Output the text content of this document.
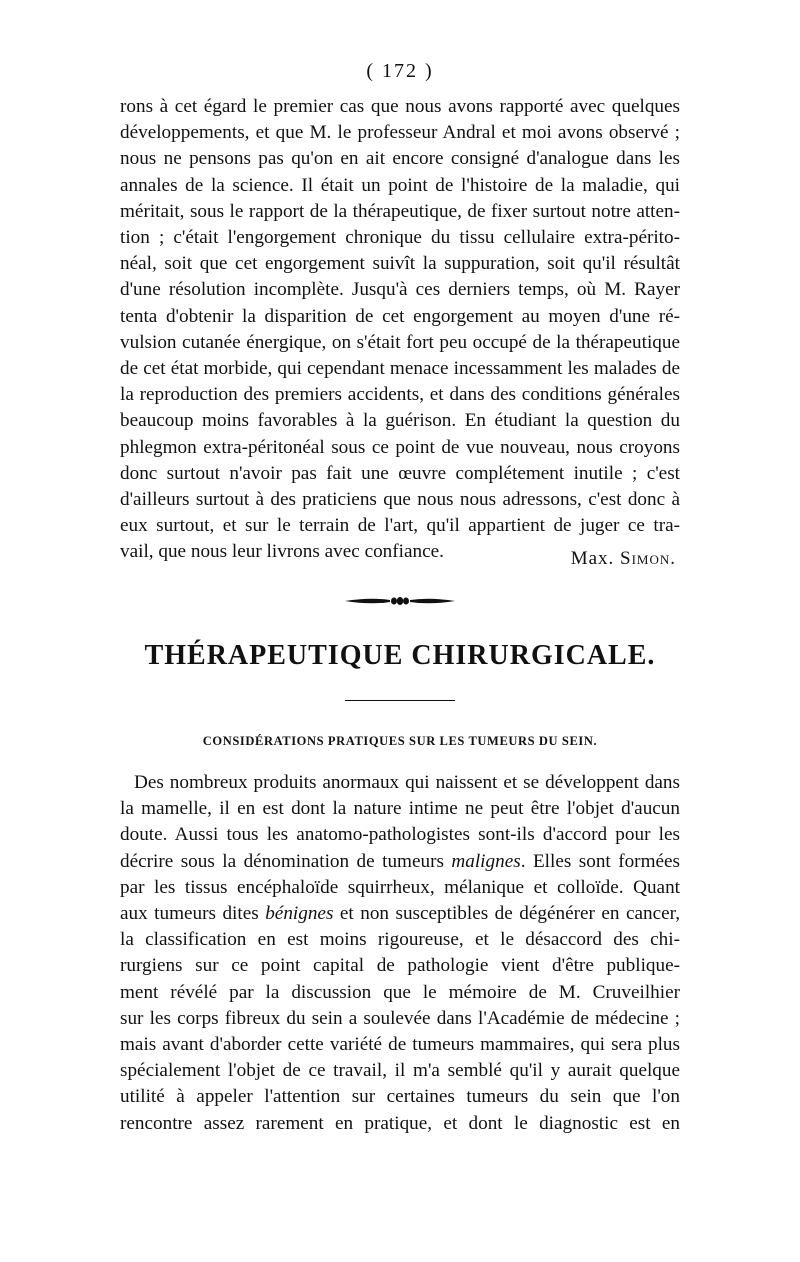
( 172 )
rons à cet égard le premier cas que nous avons rapporté avec quelques
développements, et que M. le professeur Andral et moi avons observé ;
nous ne pensons pas qu'on en ait encore consigné d'analogue dans les
annales de la science. Il était un point de l'histoire de la maladie, qui
méritait, sous le rapport de la thérapeutique, de fixer surtout notre atten-
tion ; c'était l'engorgement chronique du tissu cellulaire extra-périto-
néal, soit que cet engorgement suivît la suppuration, soit qu'il résultât
d'une résolution incomplète. Jusqu'à ces derniers temps, où M. Rayer
tenta d'obtenir la disparition de cet engorgement au moyen d'une ré-
vulsion cutanée énergique, on s'était fort peu occupé de la thérapeutique
de cet état morbide, qui cependant menace incessamment les malades de
la reproduction des premiers accidents, et dans des conditions générales
beaucoup moins favorables à la guérison. En étudiant la question du
phlegmon extra-péritonéal sous ce point de vue nouveau, nous croyons
donc surtout n'avoir pas fait une œuvre complétement inutile ; c'est
d'ailleurs surtout à des praticiens que nous nous adressons, c'est donc à
eux surtout, et sur le terrain de l'art, qu'il appartient de juger ce tra-
vail, que nous leur livrons avec confiance.	Max. Simon.
THÉRAPEUTIQUE CHIRURGICALE.
CONSIDÉRATIONS PRATIQUES SUR LES TUMEURS DU SEIN.
Des nombreux produits anormaux qui naissent et se développent dans
la mamelle, il en est dont la nature intime ne peut être l'objet d'aucun
doute. Aussi tous les anatomo-pathologistes sont-ils d'accord pour les
décrire sous la dénomination de tumeurs malignes. Elles sont formées
par les tissus encéphaloïde squirrheux, mélanique et colloïde. Quant
aux tumeurs dites bénignes et non susceptibles de dégénérer en cancer,
la classification en est moins rigoureuse, et le désaccord des chi-
rurgiens sur ce point capital de pathologie vient d'être publique-
ment révélé par la discussion que le mémoire de M. Cruveilhier
sur les corps fibreux du sein a soulevée dans l'Académie de médecine ;
mais avant d'aborder cette variété de tumeurs mammaires, qui sera plus
spécialement l'objet de ce travail, il m'a semblé qu'il y aurait quelque
utilité à appeler l'attention sur certaines tumeurs du sein que l'on
rencontre assez rarement en pratique, et dont le diagnostic est en
